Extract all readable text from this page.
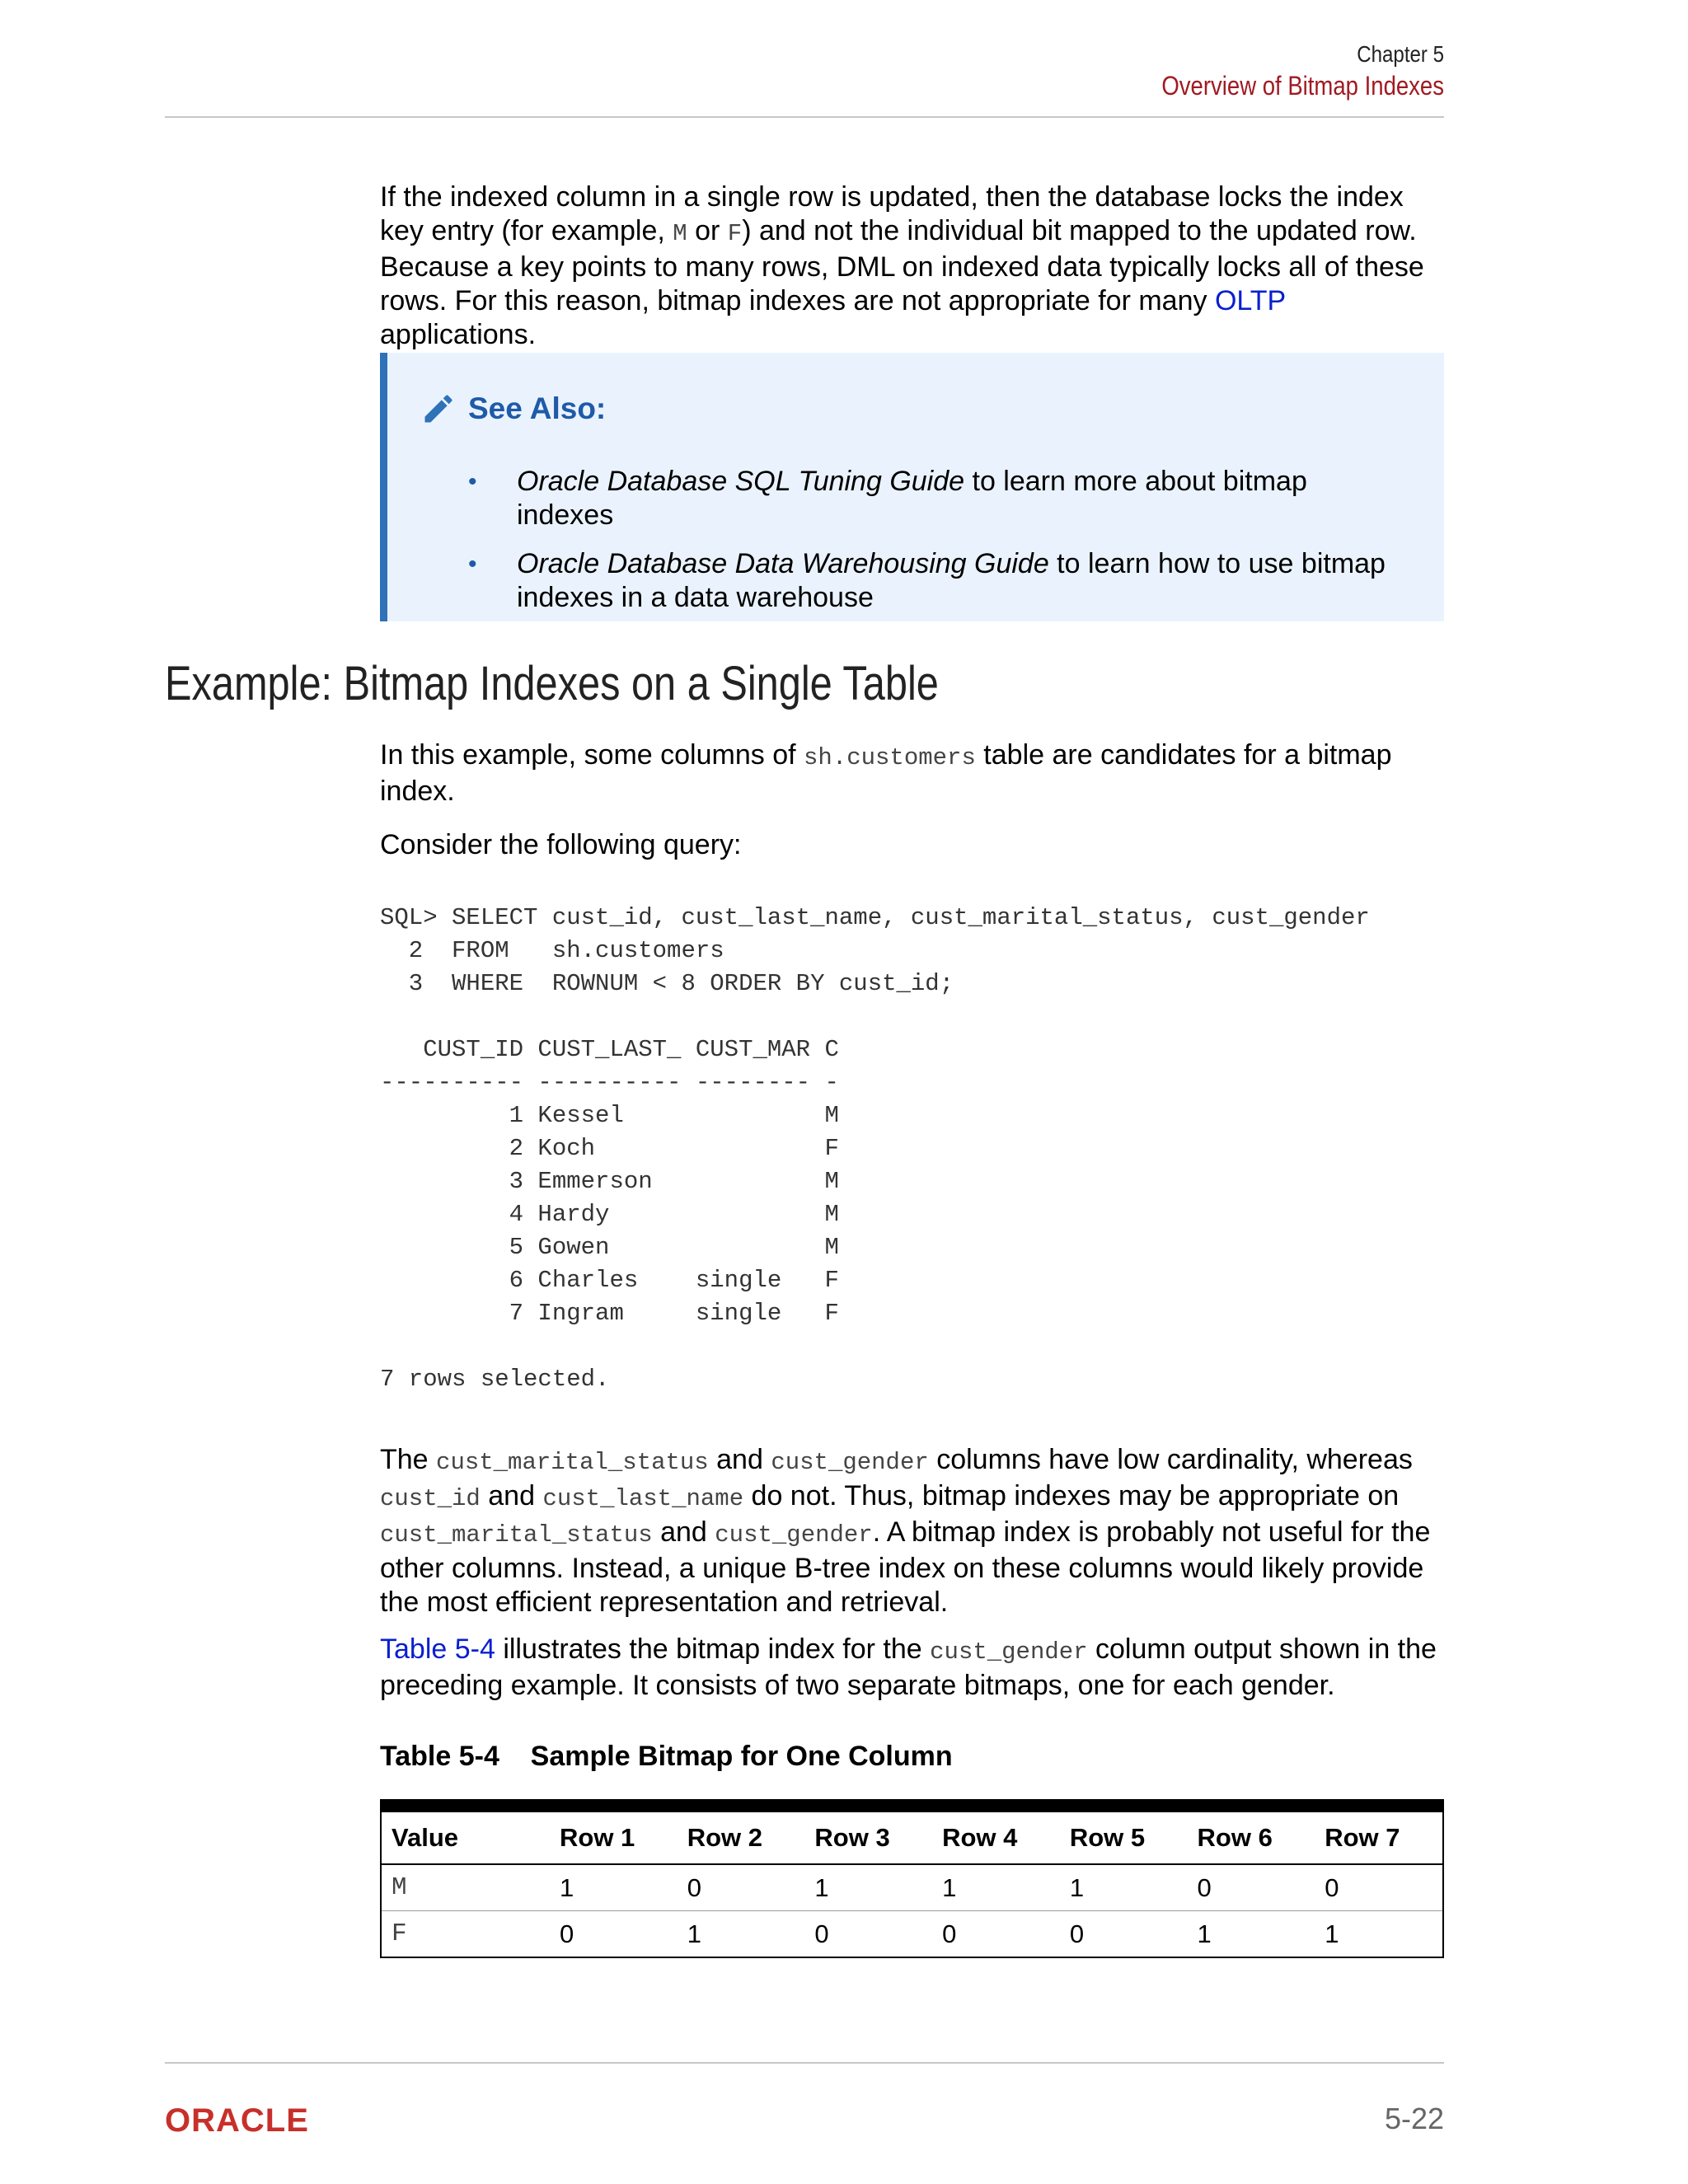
Chapter 5
Overview of Bitmap Indexes
If the indexed column in a single row is updated, then the database locks the index key entry (for example, M or F) and not the individual bit mapped to the updated row. Because a key points to many rows, DML on indexed data typically locks all of these rows. For this reason, bitmap indexes are not appropriate for many OLTP applications.
See Also:
• Oracle Database SQL Tuning Guide to learn more about bitmap indexes
• Oracle Database Data Warehousing Guide to learn how to use bitmap indexes in a data warehouse
Example: Bitmap Indexes on a Single Table
In this example, some columns of sh.customers table are candidates for a bitmap index.
Consider the following query:
SQL> SELECT cust_id, cust_last_name, cust_marital_status, cust_gender
2  FROM   sh.customers
3  WHERE  ROWNUM < 8 ORDER BY cust_id;

CUST_ID CUST_LAST_ CUST_MAR C
---------- ---------- -------- -
1 Kessel              M
2 Koch                F
3 Emmerson            M
4 Hardy               M
5 Gowen               M
6 Charles    single   F
7 Ingram     single   F

7 rows selected.
The cust_marital_status and cust_gender columns have low cardinality, whereas cust_id and cust_last_name do not. Thus, bitmap indexes may be appropriate on cust_marital_status and cust_gender. A bitmap index is probably not useful for the other columns. Instead, a unique B-tree index on these columns would likely provide the most efficient representation and retrieval.
Table 5-4 illustrates the bitmap index for the cust_gender column output shown in the preceding example. It consists of two separate bitmaps, one for each gender.
Table 5-4 Sample Bitmap for One Column
Value	Row 1	Row 2	Row 3	Row 4	Row 5	Row 6	Row 7
M	1	0	1	1	1	0	0
F	0	1	0	0	0	1	1
ORACLE	5-22
